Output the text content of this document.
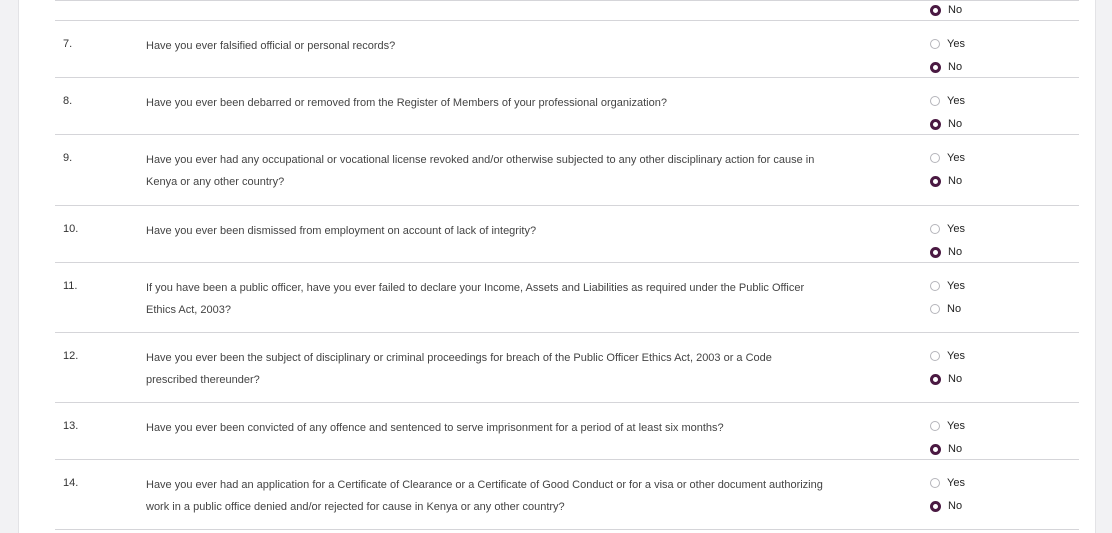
No
7.	Have you ever falsified official or personal records?	Yes
No
8.	Have you ever been debarred or removed from the Register of Members of your professional organization?	Yes
No
9.	Have you ever had any occupational or vocational license revoked and/or otherwise subjected to any other disciplinary action for cause in Kenya or any other country?
Yes
No
10.	Have you ever been dismissed from employment on account of lack of integrity?	Yes
No
11.	If you have been a public officer, have you ever failed to declare your Income, Assets and Liabilities as required under the Public Officer Ethics Act, 2003?
Yes
No
12.	Have you ever been the subject of disciplinary or criminal proceedings for breach of the Public Officer Ethics Act, 2003 or a Code prescribed thereunder?
Yes
No
13.	Have you ever been convicted of any offence and sentenced to serve imprisonment for a period of at least six months?	Yes
No
14.	Have you ever had an application for a Certificate of Clearance or a Certificate of Good Conduct or for a visa or other document authorizing work in a public office denied and/or rejected for cause in Kenya or any other country?
Yes
No
